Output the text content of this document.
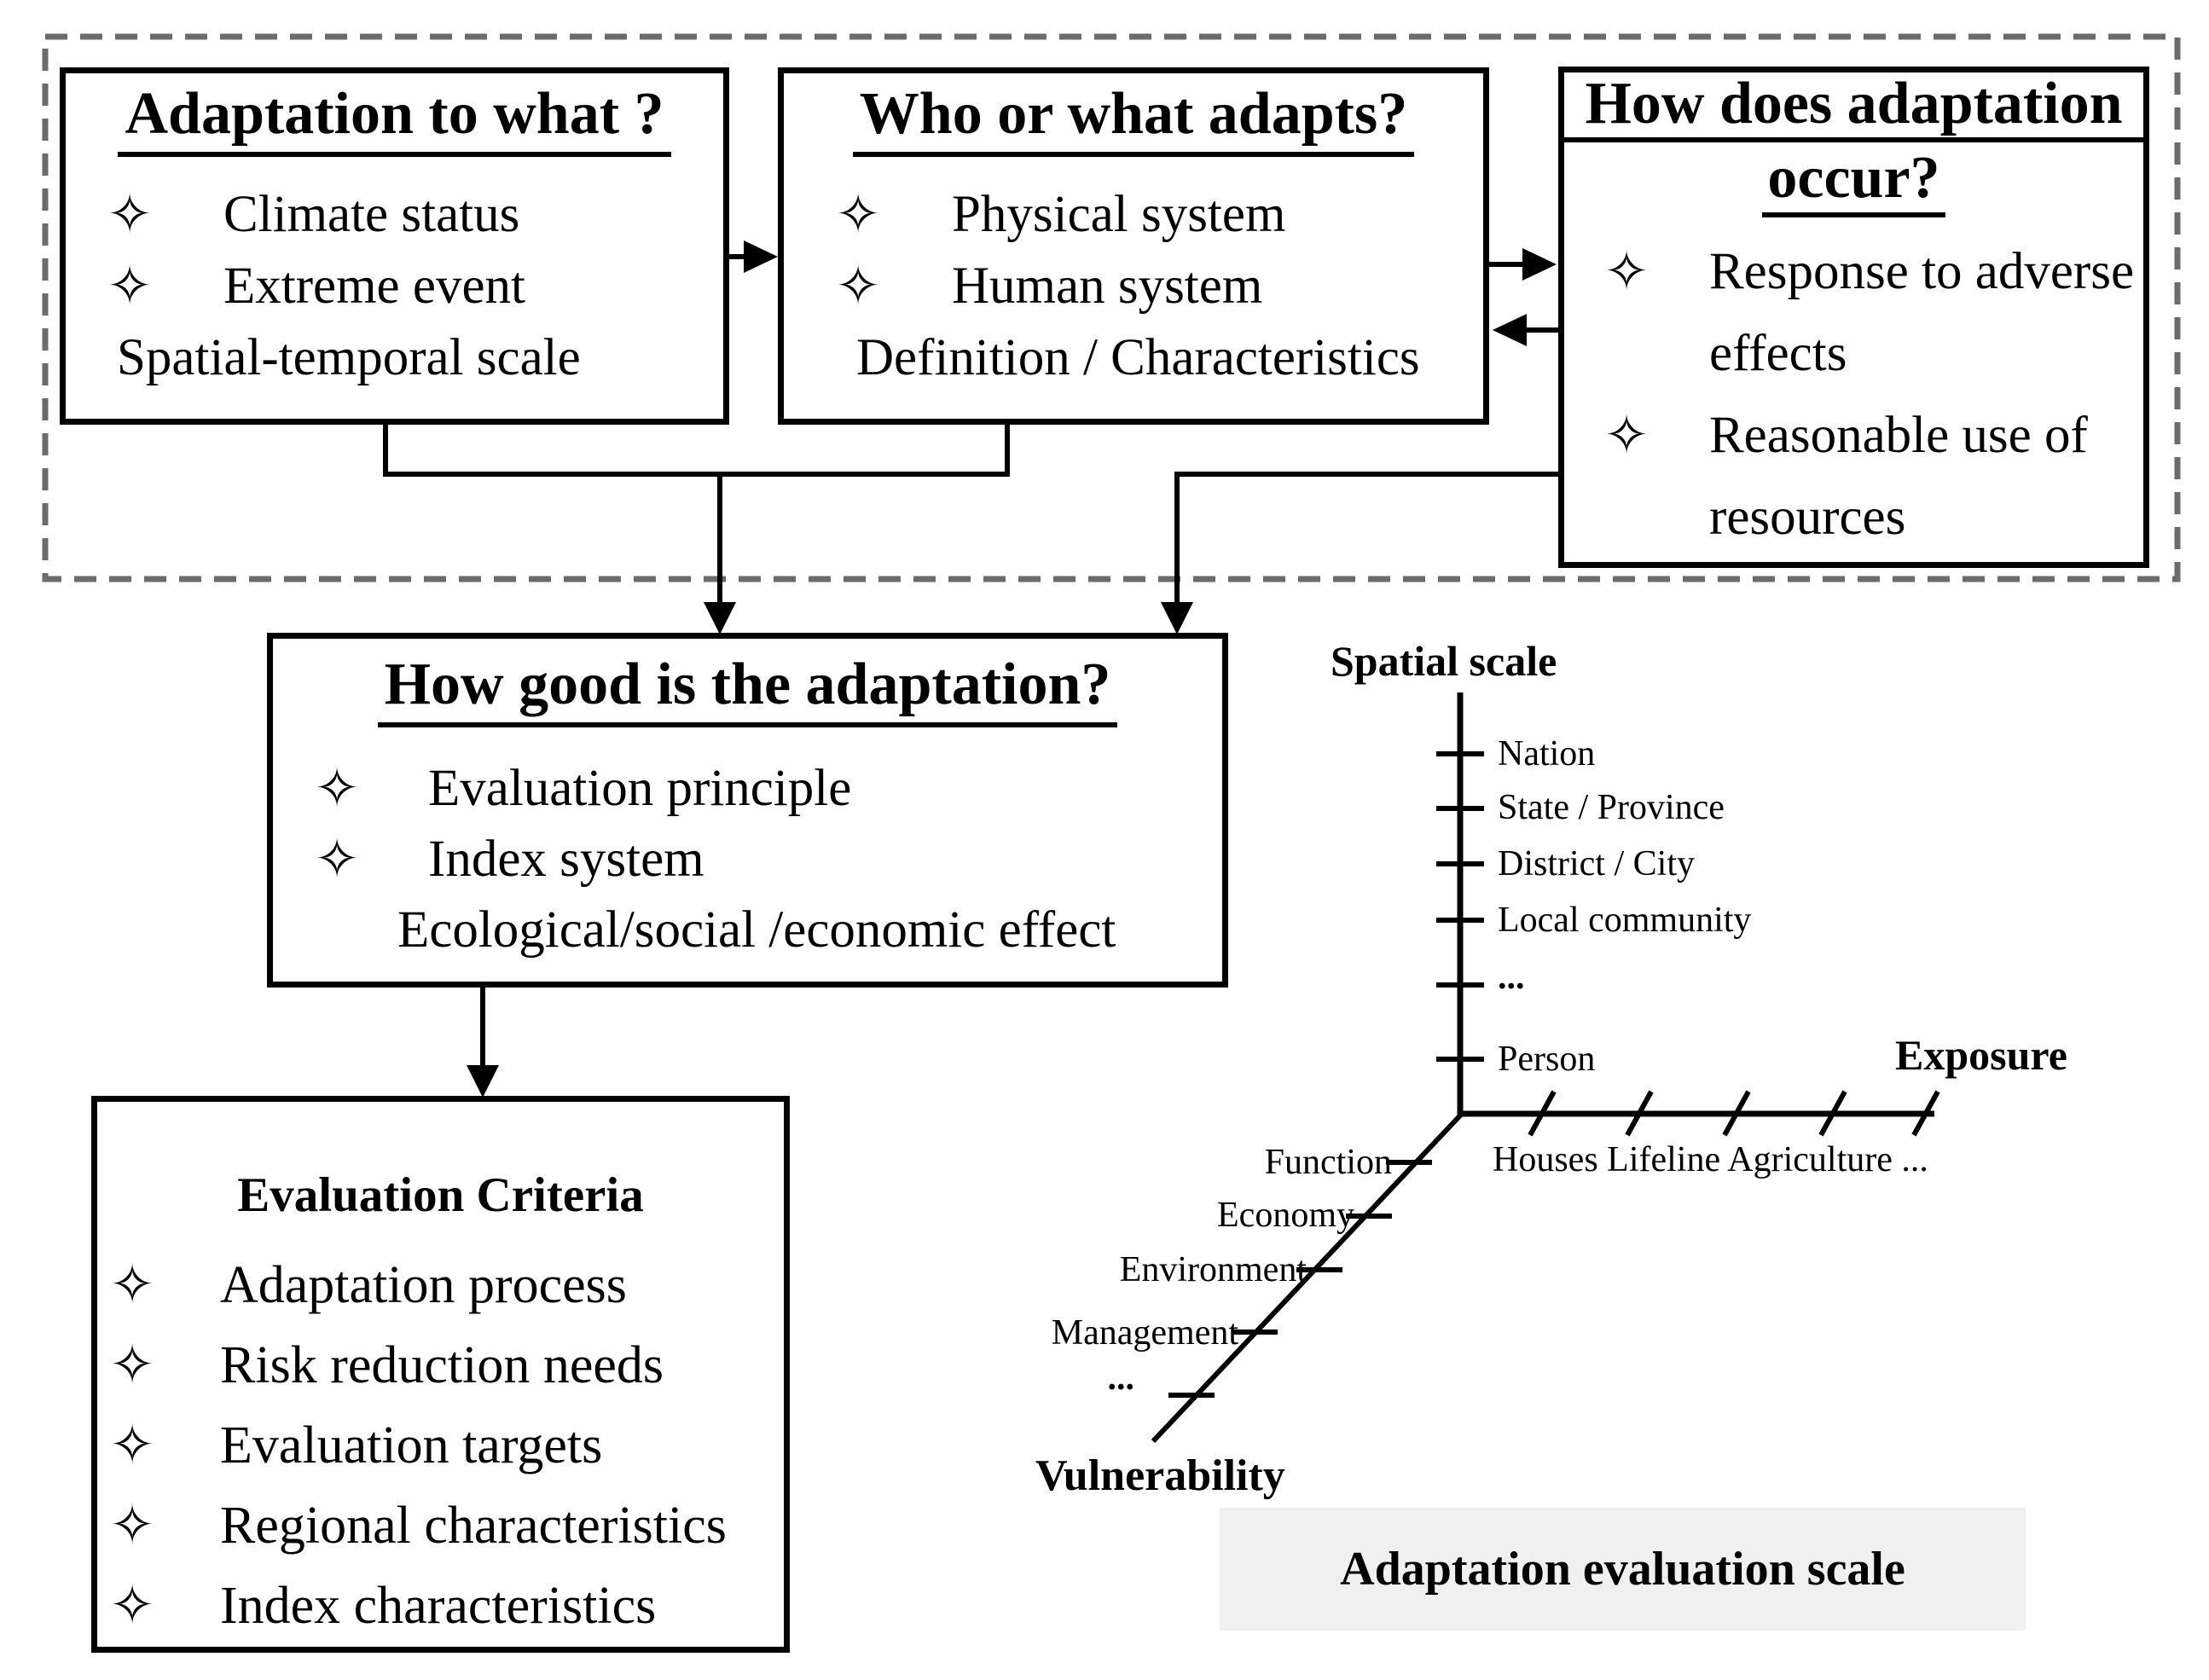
Adaptation to what ?
✧ Climate status
✧ Extreme event
Spatial-temporal scale
Who or what adapts?
✧ Physical system
✧ Human system
Definition / Characteristics
How does adaptation
occur?
✧ Response to adverse effects
✧ Reasonable use of resources
How good is the adaptation?
✧ Evaluation principle
✧ Index system
Ecological/social /economic effect
Evaluation Criteria
✧ Adaptation process
✧ Risk reduction needs
✧ Evaluation targets
✧ Regional characteristics
✧ Index characteristics
Spatial scale
Nation
State / Province
District / City
Local community
...
Person	Exposure
Houses Lifeline Agriculture ...
Function
Economy
Environment
Management
...
Vulnerability
Adaptation evaluation scale
